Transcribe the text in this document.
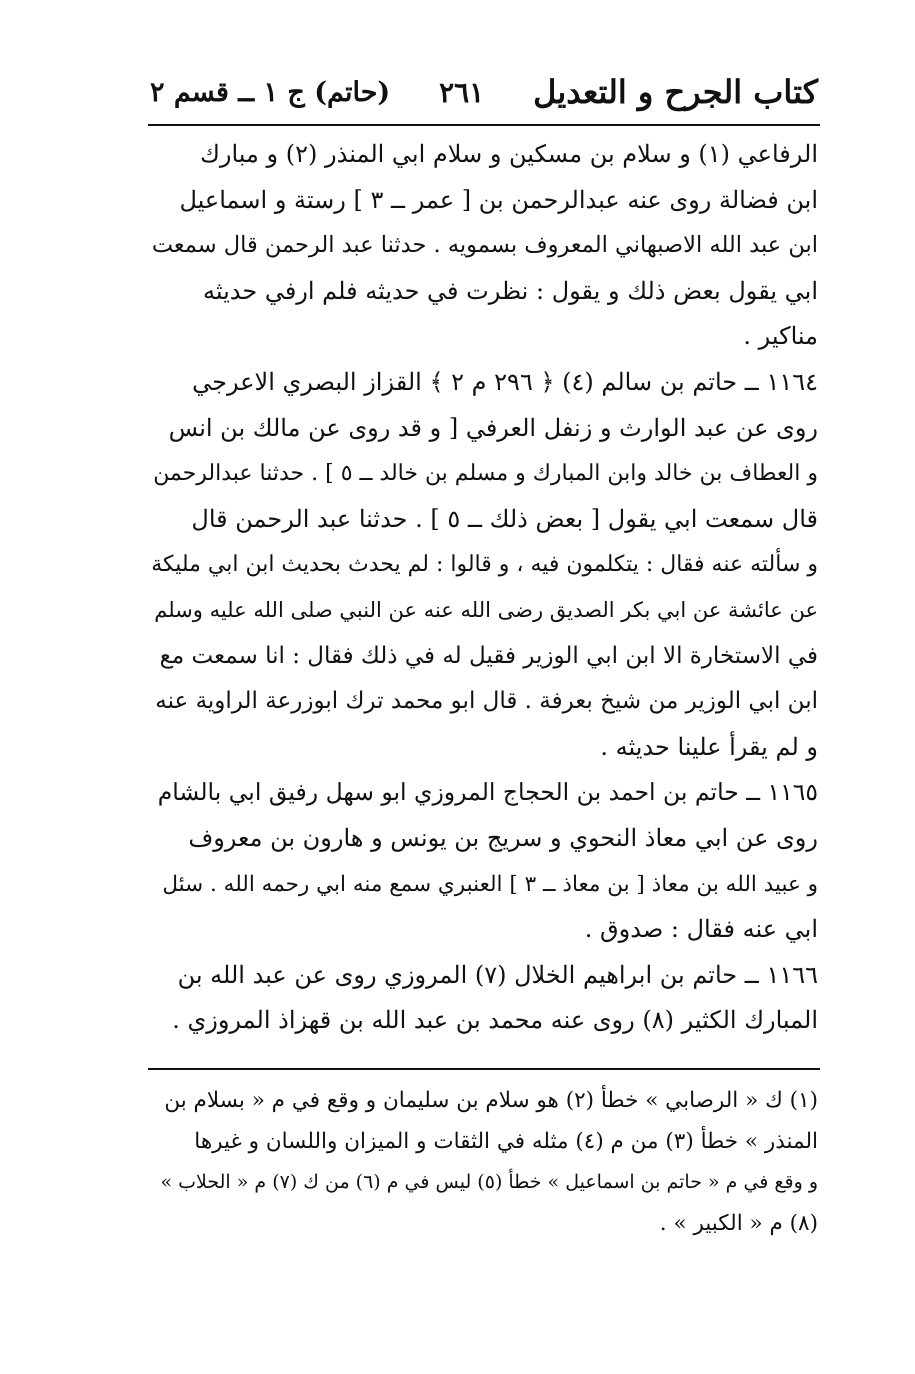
كتاب الجرح و التعديل
٢٦١
(حاتم) ج ١ ــ قسم ٢
الرفاعي (١) و سلام بن مسكين و سلام ابي المنذر (٢) و مبارك
ابن فضالة روى عنه عبدالرحمن بن [ عمر ــ ٣ ] رستة و اسماعيل
ابن عبد الله الاصبهاني المعروف بسمويه . حدثنا عبد الرحمن قال سمعت
ابي يقول بعض ذلك و يقول : نظرت في حديثه فلم ارفي حديثه
مناكير .
١١٦٤ ــ حاتم بن سالم (٤) ﴿ ٢٩٦ م ٢ ﴾ القزاز البصري الاعرجي
روى عن عبد الوارث و زنفل العرفي [ و قد روى عن مالك بن انس
و العطاف بن خالد وابن المبارك و مسلم بن خالد ــ ٥ ] . حدثنا عبدالرحمن
قال سمعت ابي يقول [ بعض ذلك ــ ٥ ] . حدثنا عبد الرحمن قال
و سألته عنه فقال : يتكلمون فيه ، و قالوا : لم يحدث بحديث ابن ابي مليكة
عن عائشة عن ابي بكر الصديق رضى الله عنه عن النبي صلى الله عليه وسلم
في الاستخارة الا ابن ابي الوزير فقيل له في ذلك فقال : انا سمعت مع
ابن ابي الوزير من شيخ بعرفة . قال ابو محمد ترك ابوزرعة الراوية عنه
و لم يقرأ علينا حديثه .
١١٦٥ ــ حاتم بن احمد بن الحجاج المروزي ابو سهل رفيق ابي بالشام
روى عن ابي معاذ النحوي و سريج بن يونس و هارون بن معروف
و عبيد الله بن معاذ [ بن معاذ ــ ٣ ] العنبري سمع منه ابي رحمه الله . سئل
ابي عنه فقال : صدوق .
١١٦٦ ــ حاتم بن ابراهيم الخلال (٧) المروزي روى عن عبد الله بن
المبارك الكثير (٨) روى عنه محمد بن عبد الله بن قهزاذ المروزي .
(١) ك « الرصابي » خطأ (٢) هو سلام بن سليمان و وقع في م « بسلام بن
المنذر » خطأ (٣) من م (٤) مثله في الثقات و الميزان واللسان و غيرها
و وقع في م « حاتم بن اسماعيل » خطأ (٥) ليس في م (٦) من ك (٧) م « الحلاب »
(٨) م « الكبير » .
